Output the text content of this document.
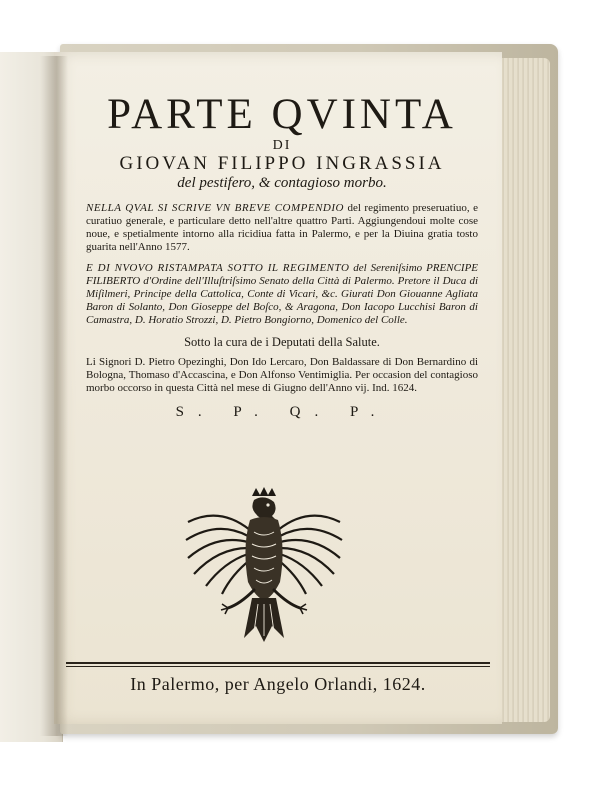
PARTE QVINTA

DI

GIOVAN FILIPPO INGRASSIA

del pestifero, & contagioso morbo.

NELLA QVAL SI SCRIVE VN BREVE COMPENDIO del regimento preseruatiuo, e curatiuo generale, e particulare detto nell'altre quattro Parti. Aggiungendoui molte cose noue, e spetialmente intorno alla ricidiua fatta in Palermo, e per la Diuina gratia tosto guarita nell'Anno 1577.

E DI NVOVO RISTAMPATA SOTTO IL REGIMENTO del Sereniſsimo PRENCIPE FILIBERTO d'Ordine dell'Illuſtriſsimo Senato della Città di Palermo. Pretore il Duca di Miſilmeri, Principe della Cattolica, Conte di Vicari, &c. Giurati Don Giouanne Agliata Baron di Solanto, Don Gioseppe del Boſco, & Aragona, Don Iacopo Lucchisi Baron di Camastra, D. Horatio Strozzi, D. Pietro Bongiorno, Domenico del Colle.

Sotto la cura de i Deputati della Salute.

Li Signori D. Pietro Opezinghi, Don Ido Lercaro, Don Baldassare di Don Bernardino di Bologna, Thomaso d'Accascina, e Don Alfonso Ventimiglia. Per occasion del contagioso morbo occorso in questa Città nel mese di Giugno dell'Anno vij. Ind. 1624.

S. P. Q. P.

In Palermo, per Angelo Orlandi, 1624.
